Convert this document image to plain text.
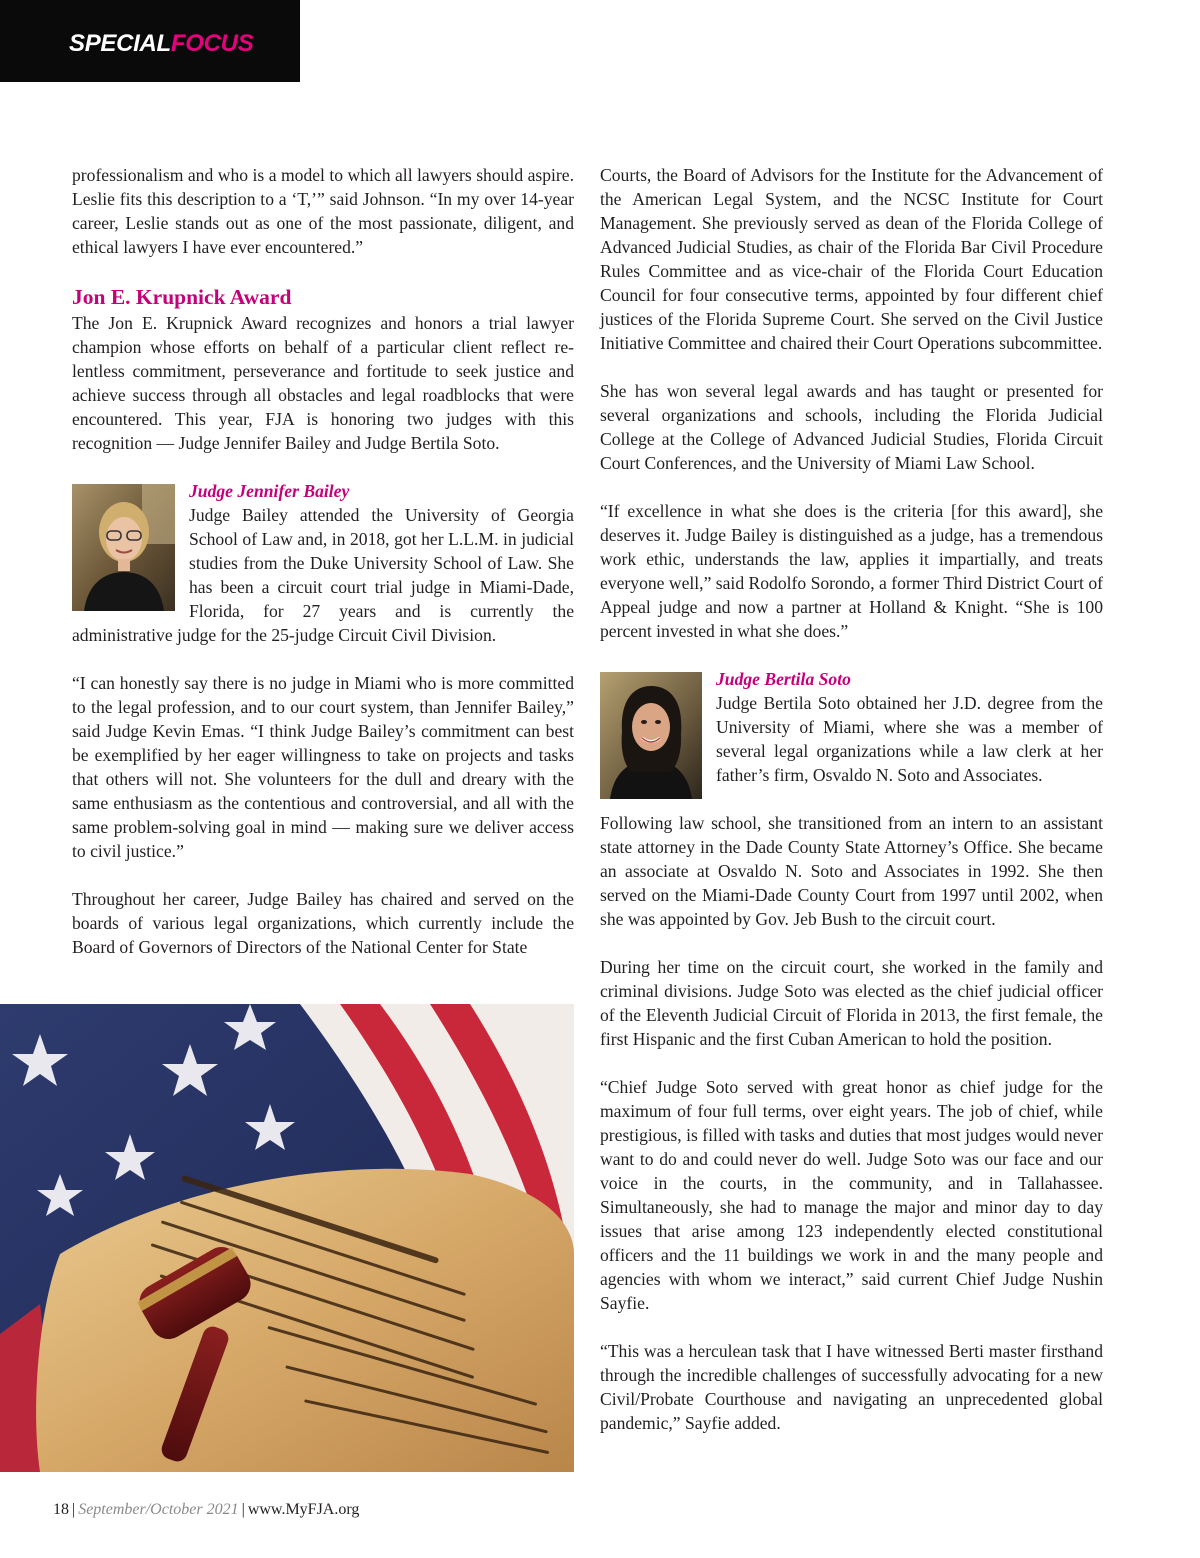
SPECIALFOCUS

professionalism and who is a model to which all lawyers should aspire. Leslie fits this description to a ‘T,’” said Johnson. “In my over 14-year career, Leslie stands out as one of the most passionate, diligent, and ethical lawyers I have ever encountered.”

Jon E. Krupnick Award

The Jon E. Krupnick Award recognizes and honors a trial lawyer champion whose efforts on behalf of a particular client reflect relentless commitment, perseverance and fortitude to seek justice and achieve success through all obstacles and legal roadblocks that were encountered. This year, FJA is honoring two judges with this recognition — Judge Jennifer Bailey and Judge Bertila Soto.

Judge Jennifer Bailey
Judge Bailey attended the University of Georgia School of Law and, in 2018, got her L.L.M. in judicial studies from the Duke University School of Law. She has been a circuit court trial judge in Miami-Dade, Florida, for 27 years and is currently the administrative judge for the 25-judge Circuit Civil Division.

“I can honestly say there is no judge in Miami who is more committed to the legal profession, and to our court system, than Jennifer Bailey,” said Judge Kevin Emas. “I think Judge Bailey’s commitment can best be exemplified by her eager willingness to take on projects and tasks that others will not. She volunteers for the dull and dreary with the same enthusiasm as the contentious and controversial, and all with the same problem-solving goal in mind — making sure we deliver access to civil justice.”

Throughout her career, Judge Bailey has chaired and served on the boards of various legal organizations, which currently include the Board of Governors of Directors of the National Center for State

Courts, the Board of Advisors for the Institute for the Advancement of the American Legal System, and the NCSC Institute for Court Management. She previously served as dean of the Florida College of Advanced Judicial Studies, as chair of the Florida Bar Civil Procedure Rules Committee and as vice-chair of the Florida Court Education Council for four consecutive terms, appointed by four different chief justices of the Florida Supreme Court. She served on the Civil Justice Initiative Committee and chaired their Court Operations subcommittee.

She has won several legal awards and has taught or presented for several organizations and schools, including the Florida Judicial College at the College of Advanced Judicial Studies, Florida Circuit Court Conferences, and the University of Miami Law School.

“If excellence in what she does is the criteria [for this award], she deserves it. Judge Bailey is distinguished as a judge, has a tremendous work ethic, understands the law, applies it impartially, and treats everyone well,” said Rodolfo Sorondo, a former Third District Court of Appeal judge and now a partner at Holland & Knight. “She is 100 percent invested in what she does.”

Judge Bertila Soto
Judge Bertila Soto obtained her J.D. degree from the University of Miami, where she was a member of several legal organizations while a law clerk at her father’s firm, Osvaldo N. Soto and Associates.

Following law school, she transitioned from an intern to an assistant state attorney in the Dade County State Attorney’s Office. She became an associate at Osvaldo N. Soto and Associates in 1992. She then served on the Miami-Dade County Court from 1997 until 2002, when she was appointed by Gov. Jeb Bush to the circuit court.

During her time on the circuit court, she worked in the family and criminal divisions. Judge Soto was elected as the chief judicial officer of the Eleventh Judicial Circuit of Florida in 2013, the first female, the first Hispanic and the first Cuban American to hold the position.

“Chief Judge Soto served with great honor as chief judge for the maximum of four full terms, over eight years. The job of chief, while prestigious, is filled with tasks and duties that most judges would never want to do and could never do well. Judge Soto was our face and our voice in the courts, in the community, and in Tallahassee. Simultaneously, she had to manage the major and minor day to day issues that arise among 123 independently elected constitutional officers and the 11 buildings we work in and the many people and agencies with whom we interact,” said current Chief Judge Nushin Sayfie.

“This was a herculean task that I have witnessed Berti master firsthand through the incredible challenges of successfully advocating for a new Civil/Probate Courthouse and navigating an unprecedented global pandemic,” Sayfie added.

18 | September/October 2021 | www.MyFJA.org
